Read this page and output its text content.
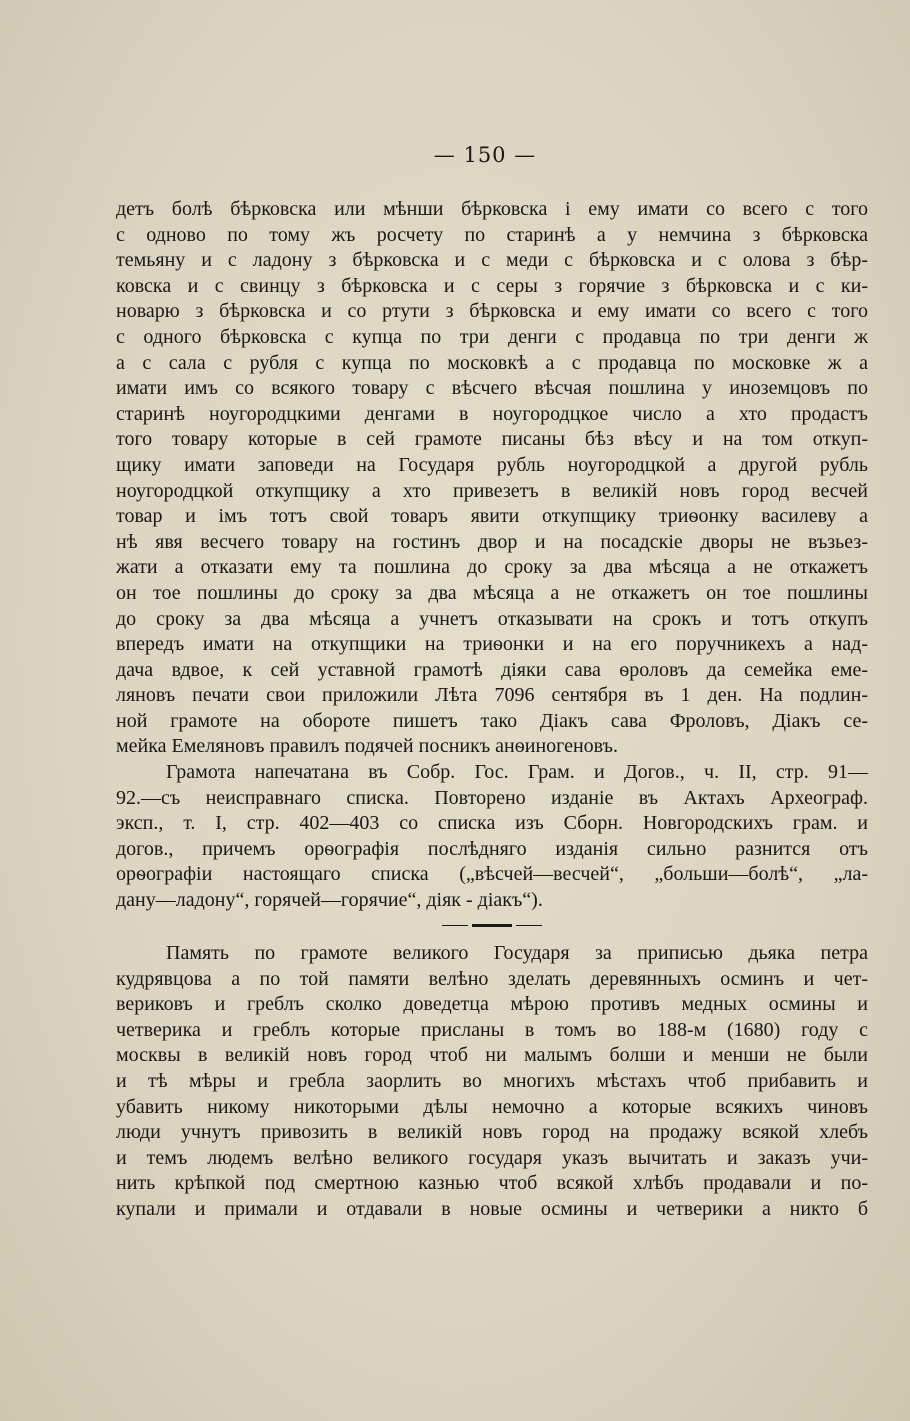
— 150 —
детъ болѣ бѣрковска или мѣнши бѣрковска і ему имати со всего с того
с одново по тому жъ росчету по старинѣ а у немчина з бѣрковска
темьяну и с ладону з бѣрковска и с меди с бѣрковска и с олова з бѣр-
ковска и с свинцу з бѣрковска и с серы з горячие з бѣрковска и с ки-
новарю з бѣрковска и со ртути з бѣрковска и ему имати со всего с того
с одного бѣрковска с купца по три денги с продавца по три денги ж
а с сала с рубля с купца по московкѣ а с продавца по московке ж а
имати имъ со всякого товару с вѣсчего вѣсчая пошлина у иноземцовъ по
старинѣ ноугородцкими денгами в ноугородцкое число а хто продастъ
того товару которые в сей грамоте писаны бѣз вѣсу и на том откуп-
щику имати заповеди на Государя рубль ноугородцкой а другой рубль
ноугородцкой откупщику а хто привезетъ в великій новъ город весчей
товар и імъ тотъ свой товаръ явити откупщику триѳонку василеву а
нѣ явя весчего товару на гостинъ двор и на посадскіе дворы не възьез-
жати а отказати ему та пошлина до сроку за два мѣсяца а не откажетъ
он тое пошлины до сроку за два мѣсяца а не откажетъ он тое пошлины
до сроку за два мѣсяца а учнетъ отказывати на срокъ и тотъ откупъ
впередъ имати на откупщики на триѳонки и на его поручникехъ а над-
дача вдвое, к сей уставной грамотѣ діяки сава ѳроловъ да семейка еме-
ляновъ печати свои приложили Лѣта 7096 сентября въ 1 ден. На подлин-
ной грамоте на обороте пишетъ тако Діакъ сава Фроловъ, Діакъ се-
мейка Емеляновъ правилъ подячей посникъ анѳиногеновъ.
Грамота напечатана въ Собр. Гос. Грам. и Догов., ч. II, стр. 91—
92.—съ неисправнаго списка. Повторено изданіе въ Актахъ Археограф.
эксп., т. I, стр. 402—403 со списка изъ Сборн. Новгородскихъ грам. и
догов., причемъ орѳографія послѣдняго изданія сильно разнится отъ
орѳографіи настоящаго списка („вѣсчей—весчей“, „больши—болѣ“, „ла-
дану—ладону“, горячей—горячие“, діяк - діакъ“).
Память по грамоте великого Государя за приписью дьяка петра
кудрявцова а по той памяти велѣно зделать деревянныхъ осминъ и чет-
вериковъ и греблъ сколко доведетца мѣрою противъ медных осмины и
четверика и греблъ которые присланы в томъ во 188-м (1680) году с
москвы в великій новъ город чтоб ни малымъ болши и менши не были
и тѣ мѣры и гребла заорлить во многихъ мѣстахъ чтоб прибавить и
убавить никому никоторыми дѣлы немочно а которые всякихъ чиновъ
люди учнутъ привозить в великій новъ город на продажу всякой хлебъ
и темъ людемъ велѣно великого государя указъ вычитать и заказъ учи-
нить крѣпкой под смертною казнью чтоб всякой хлѣбъ продавали и по-
купали и примали и отдавали в новые осмины и четверики а никто б
